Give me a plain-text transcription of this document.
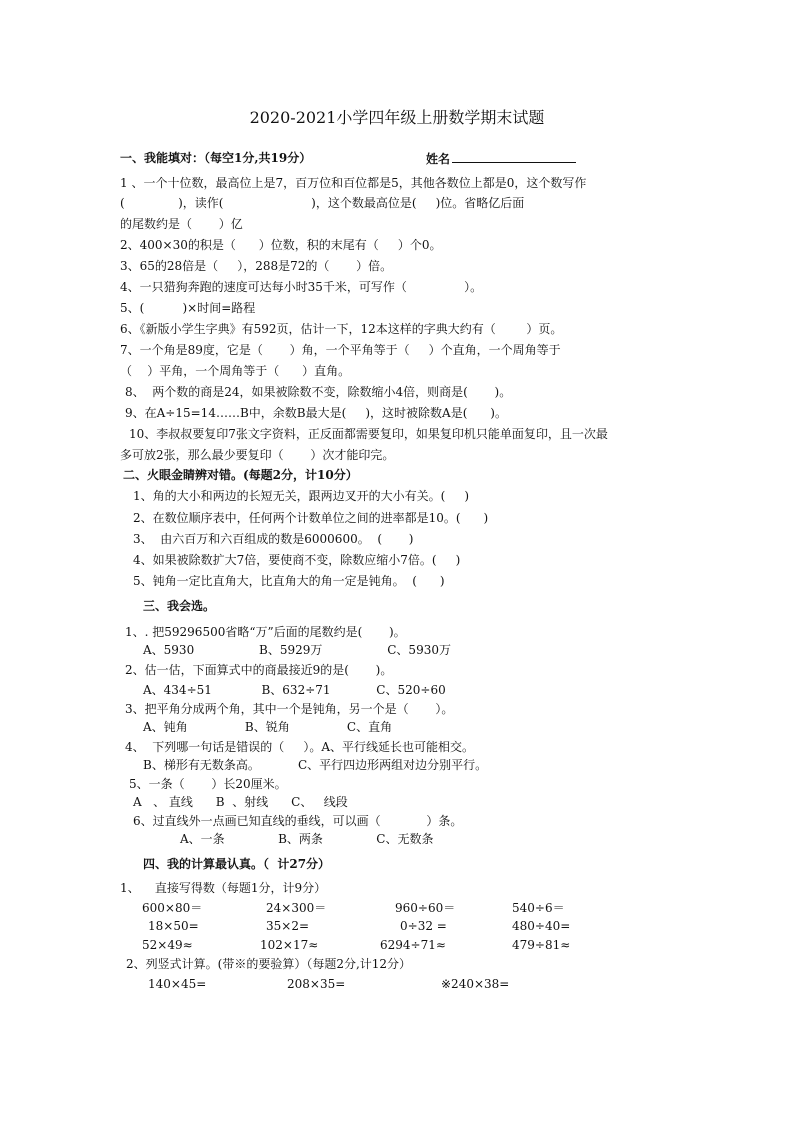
2020-2021小学四年级上册数学期末试题
一、我能填对：（每空1分,共19分）	姓名
1 、一个十位数，最高位上是7，百万位和百位都是5，其他各数位上都是0，这个数写作
(              )，读作(                       )，这个数最高位是(     )位。省略亿后面
的尾数约是（       ）亿
2、400×30的积是（      ）位数，积的末尾有（     ）个0。
3、65的28倍是（     ），288是72的（       ）倍。
4、一只猎狗奔跑的速度可达每小时35千米，可写作（               ）。
5、(          )×时间=路程
6、《新版小学生字典》有592页，估计一下，12本这样的字典大约有（        ）页。
7、一个角是89度，它是（       ）角，一个平角等于（     ）个直角，一个周角等于
（    ）平角，一个周角等于（      ）直角。
8、  两个数的商是24，如果被除数不变，除数缩小4倍，则商是(       )。
9、在A÷15=14……B中，余数B最大是(     )，这时被除数A是(      )。
10、李叔叔要复印7张文字资料，正反面都需要复印，如果复印机只能单面复印，且一次最
多可放2张，那么最少要复印（       ）次才能印完。
二、火眼金睛辨对错。(每题2分，计10分）
1、角的大小和两边的长短无关，跟两边叉开的大小有关。(     )
2、在数位顺序表中，任何两个计数单位之间的进率都是10。(      )
3、  由六百万和六百组成的数是6000600。  (       )
4、如果被除数扩大7倍，要使商不变，除数应缩小7倍。(     )
5、钝角一定比直角大，比直角大的角一定是钝角。  (      )
三、我会选。
1、. 把59296500省略“万”后面的尾数约是(       )。
A、5930                 B、5929万                 C、5930万
2、估一估，下面算式中的商最接近9的是(       )。
A、434÷51             B、632÷71            C、520÷60
3、把平角分成两个角，其中一个是钝角，另一个是（       ）。
A、钝角               B、锐角               C、直角
4、  下列哪一句话是错误的（     ）。A、平行线延长也可能相交。
B、梯形有无数条高。          C、平行四边形两组对边分别平行。
5、一条（       ）长20厘米。
A   、 直线      B  、射线      C、   线段
6、过直线外一点画已知直线的垂线，可以画（            ）条。
A、一条              B、两条              C、无数条
四、我的计算最认真。（  计27分）
1、    直接写得数（每题1分，计9分）
600×80＝	24×300＝	960÷60＝	540÷6＝
18×50=	35×2=	0÷32 =	480÷40=
52×49≈	102×17≈	6294÷71≈	479÷81≈
2、列竖式计算。(带※的要验算）（每题2分,计12分）
140×45=	208×35=	※240×38=
